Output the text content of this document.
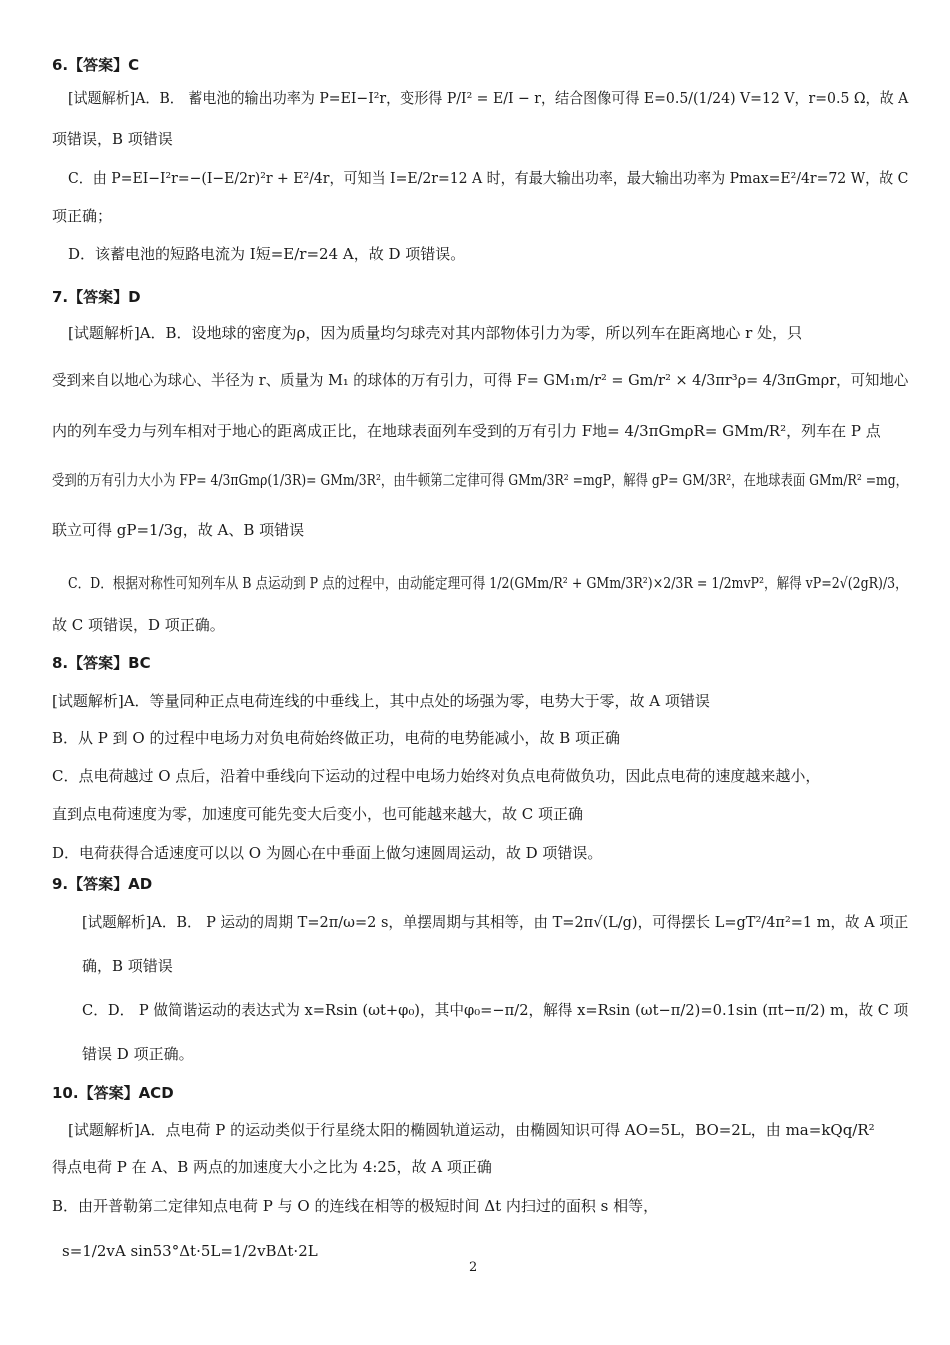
6.【答案】C
[试题解析]A．B． 蓄电池的输出功率为 P=EI−I²r，变形得 P/I² = E/I − r，结合图像可得 E=0.5/(1/24) V=12 V，r=0.5 Ω，故 A
项错误，B 项错误
C．由 P=EI−I²r=−(I−E/2r)²r + E²/4r，可知当 I=E/2r=12 A 时，有最大输出功率，最大输出功率为 Pmax=E²/4r=72 W，故 C
项正确；
D．该蓄电池的短路电流为 I短=E/r=24 A，故 D 项错误。
7.【答案】D
[试题解析]A．B．设地球的密度为ρ，因为质量均匀球壳对其内部物体引力为零，所以列车在距离地心 r 处，只
受到来自以地心为球心、半径为 r、质量为 M₁ 的球体的万有引力，可得 F= GM₁m/r² = Gm/r² × 4/3πr³ρ= 4/3πGmρr，可知地心
内的列车受力与列车相对于地心的距离成正比，在地球表面列车受到的万有引力 F地= 4/3πGmρR= GMm/R²，列车在 P 点
受到的万有引力大小为 FP= 4/3πGmρ(1/3R)= GMm/3R²，由牛顿第二定律可得 GMm/3R² =mgP，解得 gP= GM/3R²，在地球表面 GMm/R² =mg，
联立可得 gP=1/3g，故 A、B 项错误
C．D．根据对称性可知列车从 B 点运动到 P 点的过程中，由动能定理可得 1/2(GMm/R² + GMm/3R²)×2/3R = 1/2mvP²，解得 vP=2√(2gR)/3，
故 C 项错误，D 项正确。
8.【答案】BC
[试题解析]A．等量同种正点电荷连线的中垂线上，其中点处的场强为零，电势大于零，故 A 项错误
B．从 P 到 O 的过程中电场力对负电荷始终做正功，电荷的电势能减小，故 B 项正确
C．点电荷越过 O 点后，沿着中垂线向下运动的过程中电场力始终对负点电荷做负功，因此点电荷的速度越来越小，
直到点电荷速度为零，加速度可能先变大后变小，也可能越来越大，故 C 项正确
D．电荷获得合适速度可以以 O 为圆心在中垂面上做匀速圆周运动，故 D 项错误。
9.【答案】AD
[试题解析]A．B． P 运动的周期 T=2π/ω=2 s，单摆周期与其相等，由 T=2π√(L/g)，可得摆长 L=gT²/4π²=1 m，故 A 项正
确，B 项错误
C．D． P 做简谐运动的表达式为 x=Rsin (ωt+φ₀)，其中φ₀=−π/2，解得 x=Rsin (ωt−π/2)=0.1sin (πt−π/2) m，故 C 项
错误 D 项正确。
10.【答案】ACD
[试题解析]A．点电荷 P 的运动类似于行星绕太阳的椭圆轨道运动，由椭圆知识可得 AO=5L，BO=2L，由 ma=kQq/R²
得点电荷 P 在 A、B 两点的加速度大小之比为 4:25，故 A 项正确
B．由开普勒第二定律知点电荷 P 与 O 的连线在相等的极短时间 Δt 内扫过的面积 s 相等，
s=1/2vA sin53°Δt·5L=1/2vBΔt·2L
2
